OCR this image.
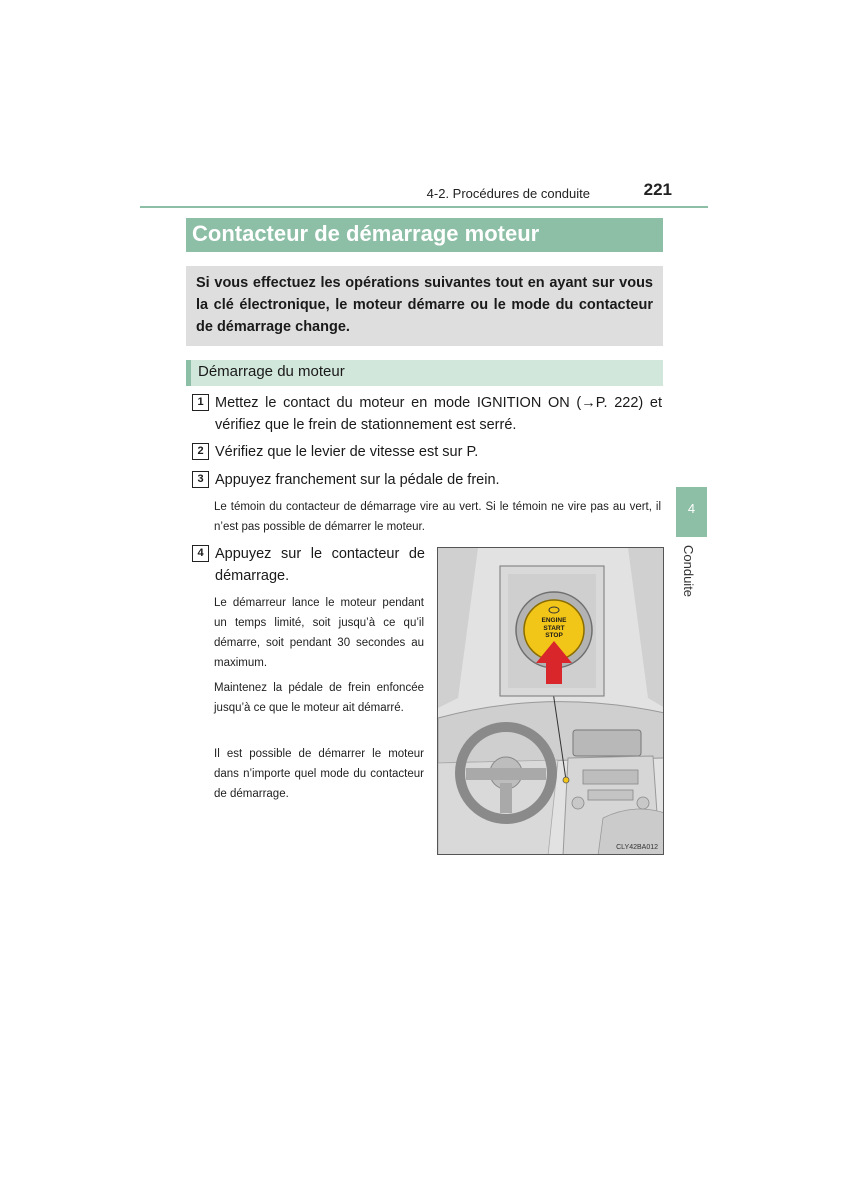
4-2. Procédures de conduite	221
4
Conduite
Contacteur de démarrage moteur

Si vous effectuez les opérations suivantes tout en ayant sur vous la clé électronique, le moteur démarre ou le mode du contacteur de démarrage change.

Démarrage du moteur
1 Mettez le contact du moteur en mode IGNITION ON (→P. 222) et vérifiez que le frein de stationnement est serré.
2 Vérifiez que le levier de vitesse est sur P.
3 Appuyez franchement sur la pédale de frein.

Le témoin du contacteur de démarrage vire au vert. Si le témoin ne vire pas au vert, il n’est pas possible de démarrer le moteur.

4 Appuyez sur le contacteur de démarrage.

Le démarreur lance le moteur pendant un temps limité, soit jusqu’à ce qu’il démarre, soit pendant 30 secondes au maximum.

Maintenez la pédale de frein enfoncée jusqu’à ce que le moteur ait démarré.

Il est possible de démarrer le moteur dans n’importe quel mode du contacteur de démarrage.

ENGINE
START
STOP
CLY42BA012
